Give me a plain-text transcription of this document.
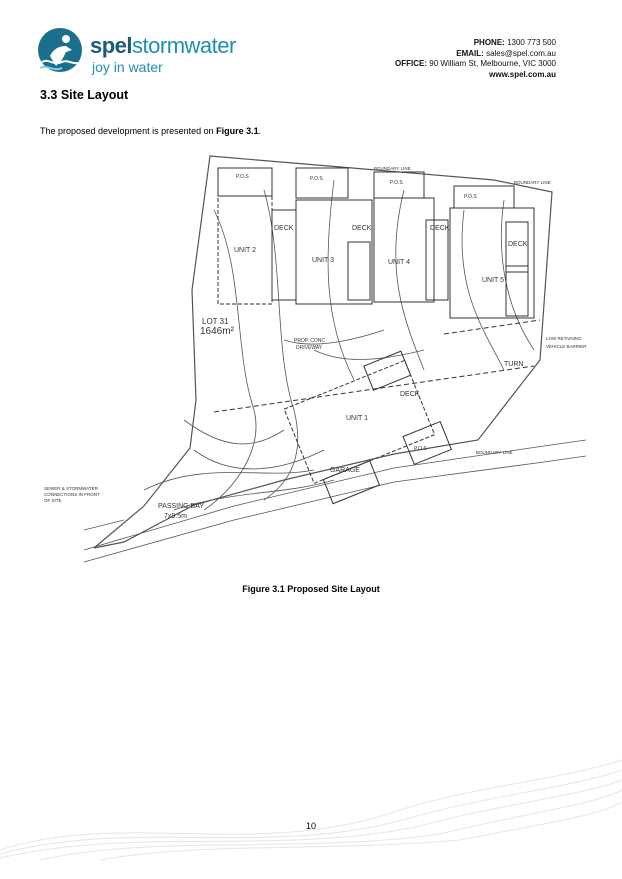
spelstormwater
joy in water
PHONE: 1300 773 500
EMAIL: sales@spel.com.au
OFFICE: 90 William St, Melbourne, VIC 3000
www.spel.com.au
3.3 Site Layout
The proposed development is presented on Figure 3.1.
UNIT 2
UNIT 3	UNIT 4
UNIT 5
UNIT 1
DECK	DECK	DECK
DECK
DECK
GARAGE
LOT 31
1646m²
PROP. CONC
DRIVEWAY
TURN
PASSING BAY
7x9.5m
P.O.S	P.O.S
P.O.S
P.O.S
P.O.S
BOUNDARY LINE
BOUNDARY LINE
BOUNDARY LINE
LOW RETAINING
VEHICLE BARRIER
SEWER & STORMWATER
CONNECTIONS IN FRONT
OF SITE
Figure 3.1 Proposed Site Layout
10
